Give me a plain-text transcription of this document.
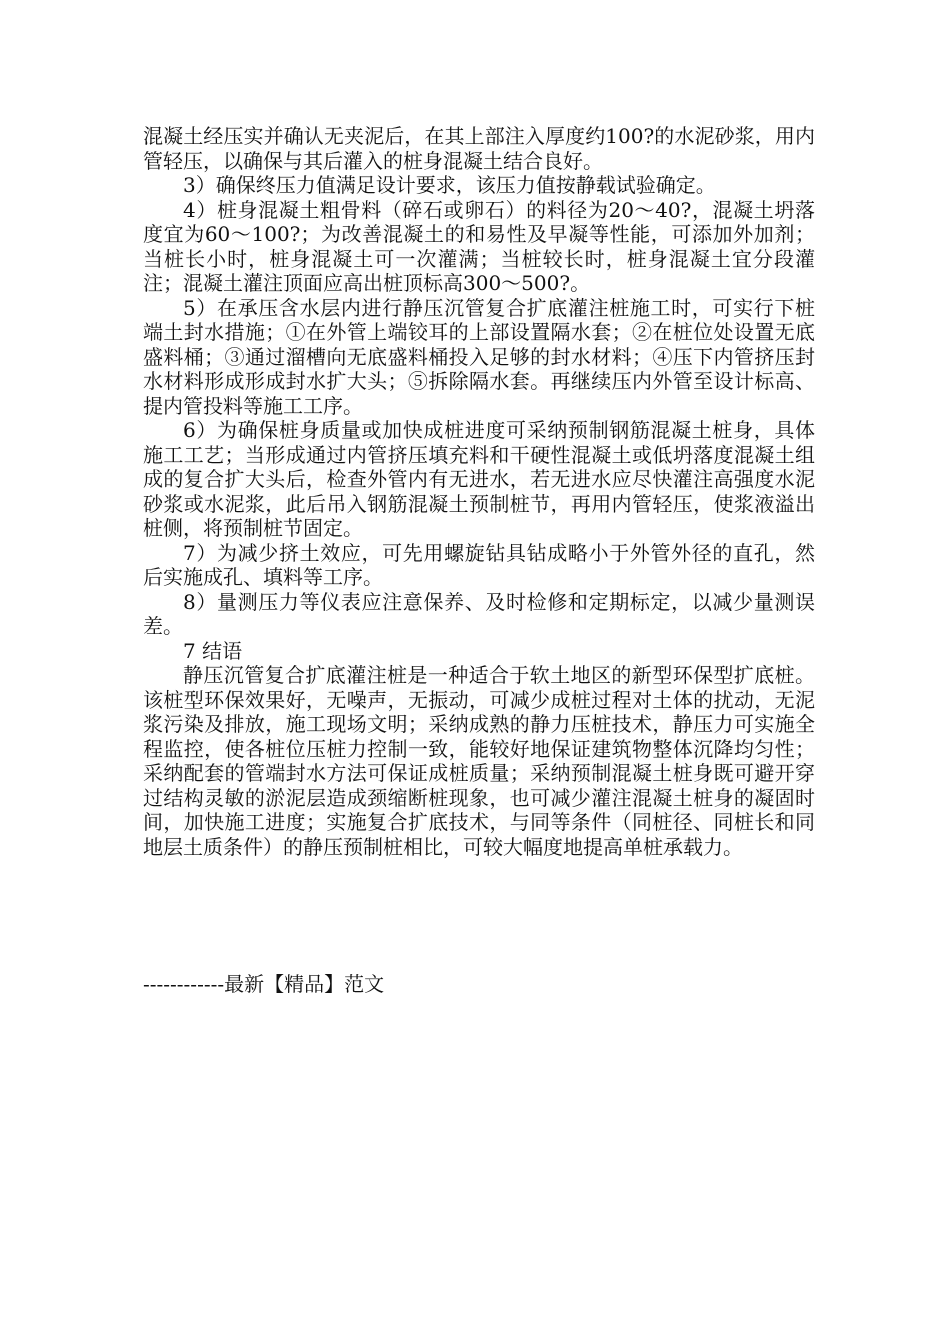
混凝土经压实并确认无夹泥后，在其上部注入厚度约100?的水泥砂浆，用内管轻压，以确保与其后灌入的桩身混凝土结合良好。

3）确保终压力值满足设计要求，该压力值按静载试验确定。

4）桩身混凝土粗骨料（碎石或卵石）的料径为20～40?，混凝土坍落度宜为60～100?；为改善混凝土的和易性及早凝等性能，可添加外加剂；当桩长小时，桩身混凝土可一次灌满；当桩较长时，桩身混凝土宜分段灌注；混凝土灌注顶面应高出桩顶标高300～500?。

5）在承压含水层内进行静压沉管复合扩底灌注桩施工时，可实行下桩端土封水措施；①在外管上端铰耳的上部设置隔水套；②在桩位处设置无底盛料桶；③通过溜槽向无底盛料桶投入足够的封水材料；④压下内管挤压封水材料形成形成封水扩大头；⑤拆除隔水套。再继续压内外管至设计标高、提内管投料等施工工序。

6）为确保桩身质量或加快成桩进度可采纳预制钢筋混凝土桩身，具体施工工艺；当形成通过内管挤压填充料和干硬性混凝土或低坍落度混凝土组成的复合扩大头后，检查外管内有无进水，若无进水应尽快灌注高强度水泥砂浆或水泥浆，此后吊入钢筋混凝土预制桩节，再用内管轻压，使浆液溢出桩侧，将预制桩节固定。

7）为减少挤土效应，可先用螺旋钻具钻成略小于外管外径的直孔，然后实施成孔、填料等工序。

8）量测压力等仪表应注意保养、及时检修和定期标定，以减少量测误差。

7 结语

静压沉管复合扩底灌注桩是一种适合于软土地区的新型环保型扩底桩。该桩型环保效果好，无噪声，无振动，可减少成桩过程对土体的扰动，无泥浆污染及排放，施工现场文明；采纳成熟的静力压桩技术，静压力可实施全程监控，使各桩位压桩力控制一致，能较好地保证建筑物整体沉降均匀性；采纳配套的管端封水方法可保证成桩质量；采纳预制混凝土桩身既可避开穿过结构灵敏的淤泥层造成颈缩断桩现象，也可减少灌注混凝土桩身的凝固时间，加快施工进度；实施复合扩底技术，与同等条件（同桩径、同桩长和同地层土质条件）的静压预制桩相比，可较大幅度地提高单桩承载力。

------------最新【精品】范文
